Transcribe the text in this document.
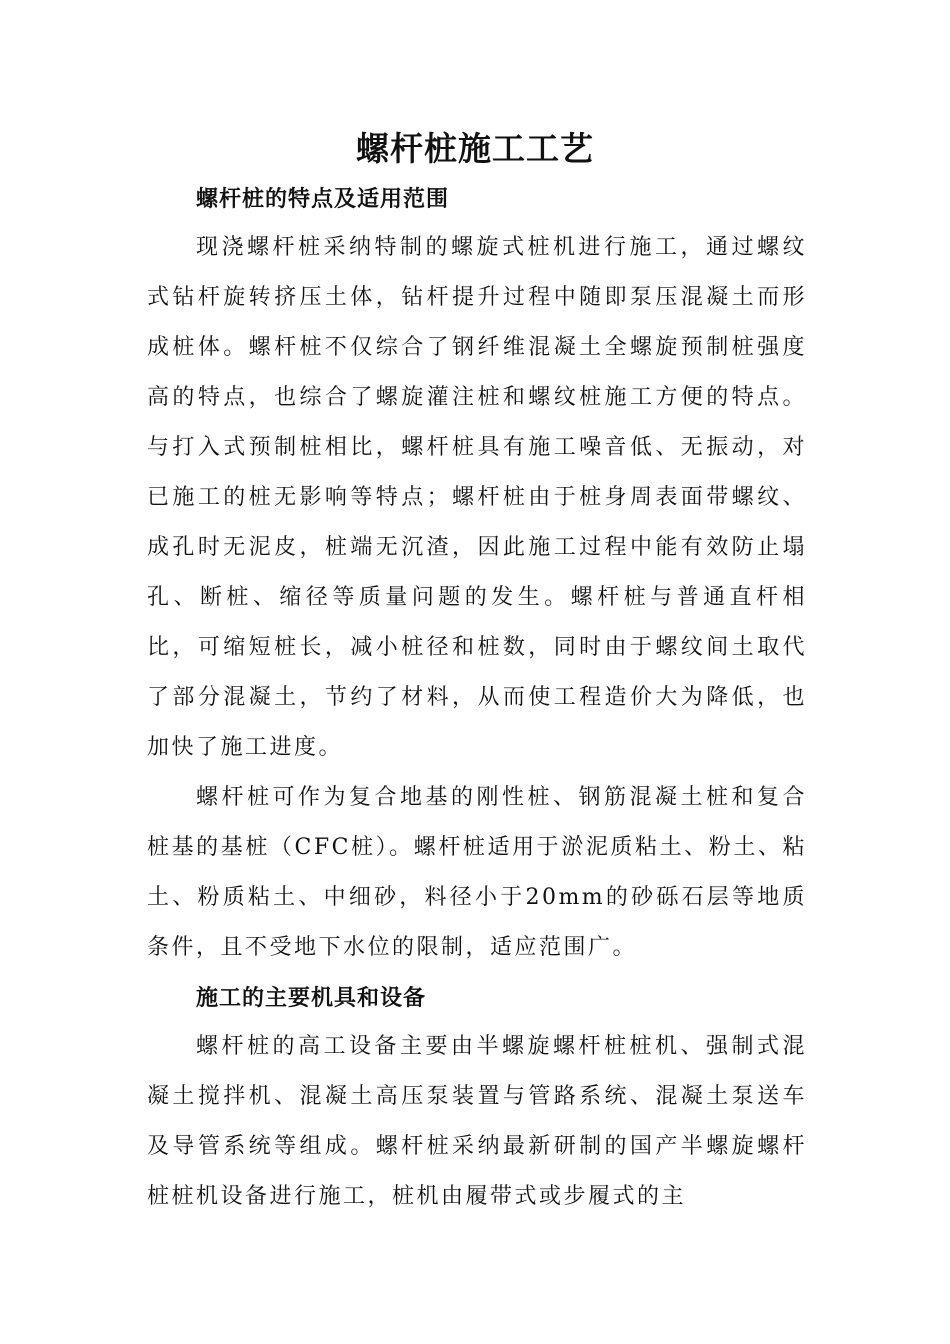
螺杆桩施工工艺
螺杆桩的特点及适用范围

现浇螺杆桩采纳特制的螺旋式桩机进行施工，通过螺纹式钻杆旋转挤压土体，钻杆提升过程中随即泵压混凝土而形成桩体。螺杆桩不仅综合了钢纤维混凝土全螺旋预制桩强度高的特点，也综合了螺旋灌注桩和螺纹桩施工方便的特点。与打入式预制桩相比，螺杆桩具有施工噪音低、无振动，对已施工的桩无影响等特点；螺杆桩由于桩身周表面带螺纹、成孔时无泥皮，桩端无沉渣，因此施工过程中能有效防止塌孔、断桩、缩径等质量问题的发生。螺杆桩与普通直杆相比，可缩短桩长，减小桩径和桩数，同时由于螺纹间土取代了部分混凝土，节约了材料，从而使工程造价大为降低，也加快了施工进度。

螺杆桩可作为复合地基的刚性桩、钢筋混凝土桩和复合桩基的基桩（CFC桩）。螺杆桩适用于淤泥质粘土、粉土、粘土、粉质粘土、中细砂，料径小于20mm的砂砾石层等地质条件，且不受地下水位的限制，适应范围广。

施工的主要机具和设备

螺杆桩的高工设备主要由半螺旋螺杆桩桩机、强制式混凝土搅拌机、混凝土高压泵装置与管路系统、混凝土泵送车及导管系统等组成。螺杆桩采纳最新研制的国产半螺旋螺杆桩桩机设备进行施工，桩机由履带式或步履式的主
